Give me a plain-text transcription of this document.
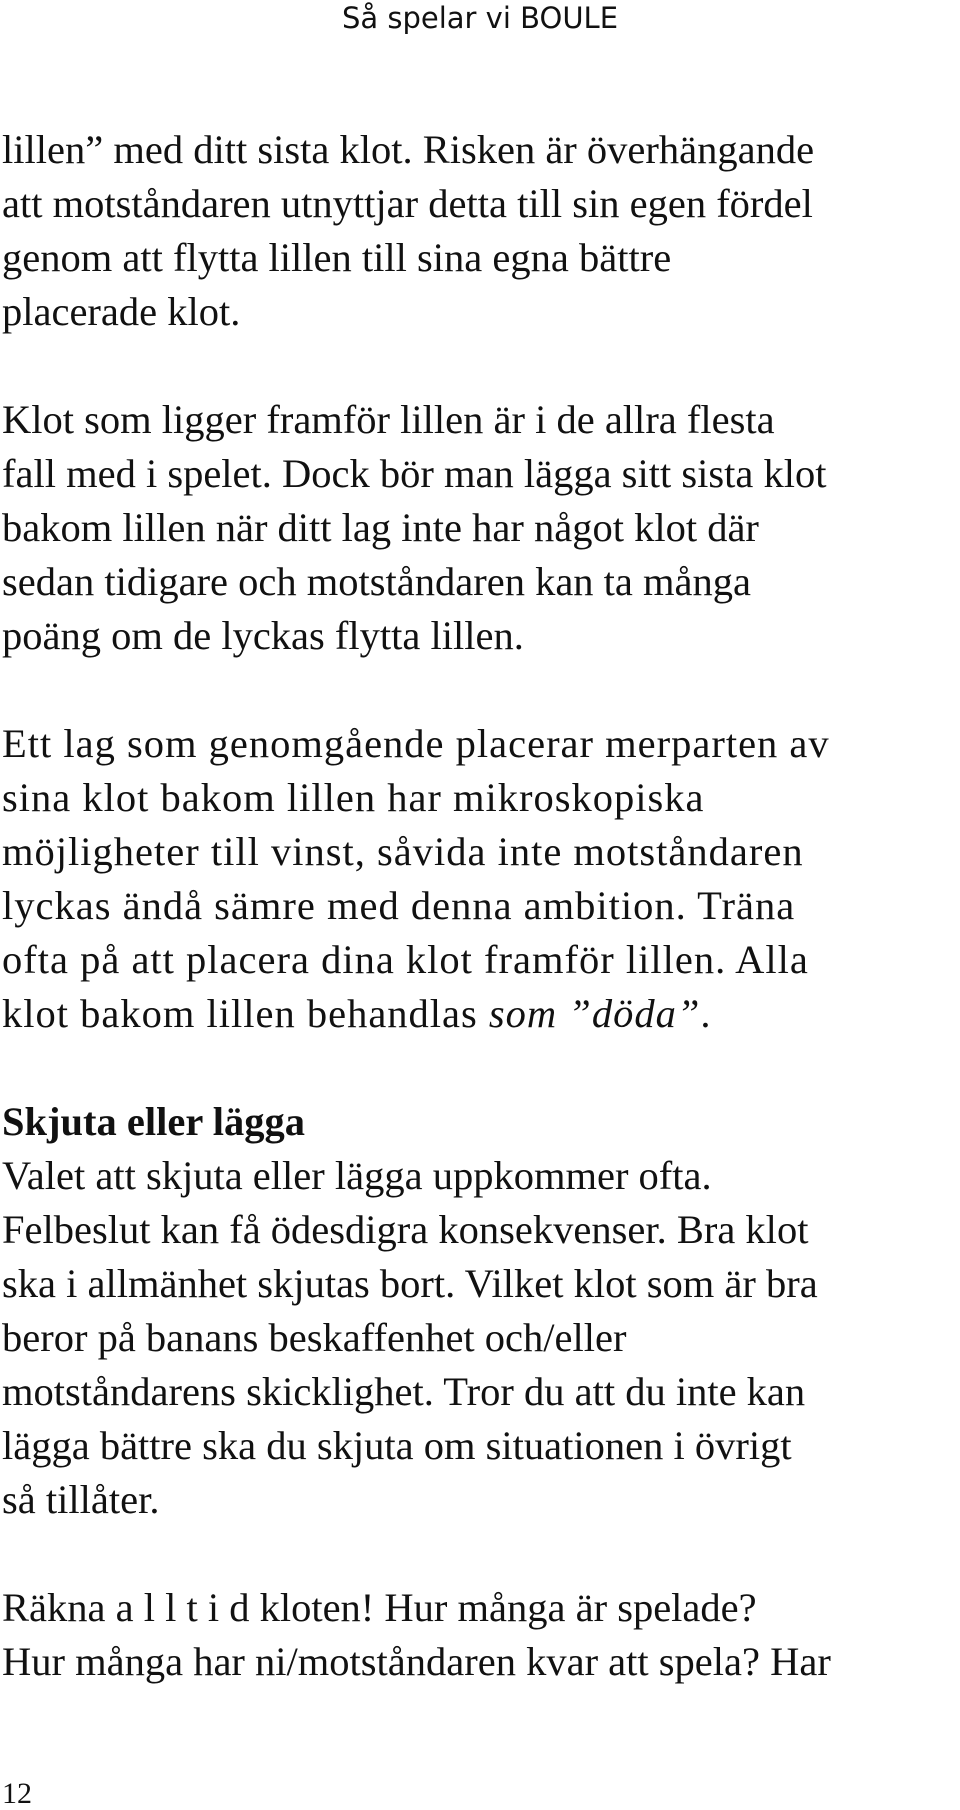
Så spelar vi BOULE

lillen” med ditt sista klot. Risken är överhängande
att motståndaren utnyttjar detta till sin egen fördel
genom att flytta lillen till sina egna bättre
placerade klot.

Klot som ligger framför lillen är i de allra flesta
fall med i spelet. Dock bör man lägga sitt sista klot
bakom lillen när ditt lag inte har något klot där
sedan tidigare och motståndaren kan ta många
poäng om de lyckas flytta lillen.

Ett lag som genomgående placerar merparten av
sina klot bakom lillen har mikroskopiska
möjligheter till vinst, såvida inte motståndaren
lyckas ändå sämre med denna ambition. Träna
ofta på att placera dina klot framför lillen. Alla
klot bakom lillen behandlas som ”döda”.

Skjuta eller lägga
Valet att skjuta eller lägga uppkommer ofta.
Felbeslut kan få ödesdigra konsekvenser. Bra klot
ska i allmänhet skjutas bort. Vilket klot som är bra
beror på banans beskaffenhet och/eller
motståndarens skicklighet. Tror du att du inte kan
lägga bättre ska du skjuta om situationen i övrigt
så tillåter.

Räkna a l l t i d kloten! Hur många är spelade?
Hur många har ni/motståndaren kvar att spela? Har

12
